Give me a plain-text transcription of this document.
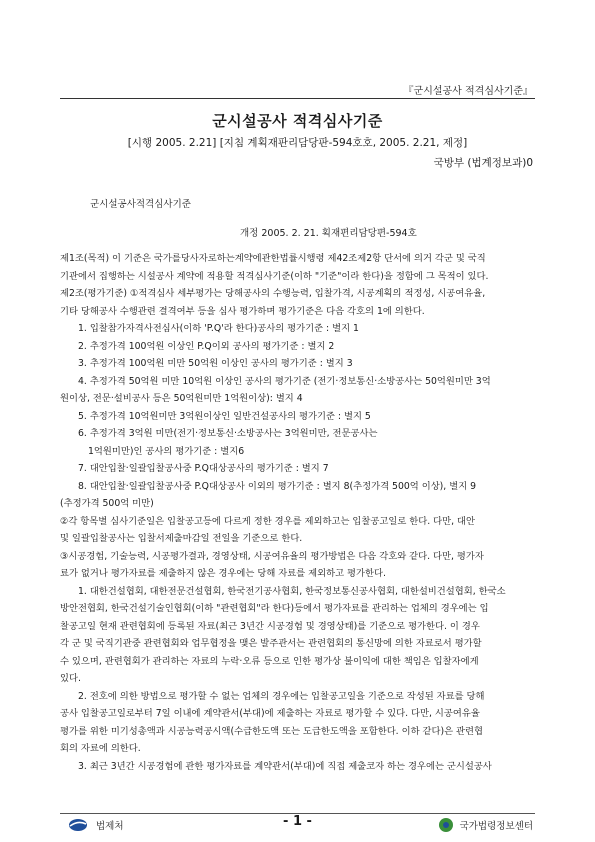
『군시설공사 적격심사기준』
군시설공사 적격심사기준
[시행 2005. 2.21] [지침 계획재판리담당판-594호호, 2005. 2.21, 제정]
국방부 (법계정보과)0
군시설공사적격심사기준
개정 2005. 2. 21. 획재편리담당편-594호

제1조(목적) 이 기준은 국가를당사자로하는계약에관한법률시행령 제42조제2항 단서에 의거 각군 및 국직

기관에서 집행하는 시설공사 계약에 적용할 적격심사기준(이하 "기준"이라 한다)을 정함에 그 목적이 있다.

제2조(평가기준) ①적격심사 세부평가는 당해공사의 수행능력, 입찰가격, 시공계획의 적정성, 시공여유율,

기타 당해공사 수행관련 결격여부 등을 심사 평가하며 평가기준은 다음 각호의 1에 의한다.

1. 입찰참가자격사전심사(이하 'P.Q'라 한다)공사의 평가기준 : 별지 1

2. 추정가격 100억원 이상인 P.Q이외 공사의 평가기준 : 별지 2

3. 추정가격 100억원 미만 50억원 이상인 공사의 평가기준 : 별지 3

4. 추정가격 50억원 미만 10억원 이상인 공사의 평가기준 (전기·정보통신·소방공사는 50억원미만 3억

원이상, 전문·설비공사 등은 50억원미만 1억원이상): 별지 4

5. 추정가격 10억원미만 3억원이상인 일반건설공사의 평가기준 : 별지 5

6. 추정가격 3억원 미만(전기·정보통신·소방공사는 3억원미만, 전문공사는

1억원미만)인 공사의 평가기준 : 별지6

7. 대안입찰·일괄입찰공사중 P.Q대상공사의 평가기준 : 별지 7

8. 대안입찰·일괄입찰공사중 P.Q대상공사 이외의 평가기준 : 별지 8(추정가격 500억 이상), 별지 9

(추정가격 500억 미만)

②각 항목별 심사기준일은 입찰공고등에 다르게 정한 경우를 제외하고는 입찰공고일로 한다. 다만, 대안

및 일괄입찰공사는 입찰서제출마감일 전일을 기준으로 한다.

③시공경험, 기술능력, 시공평가결과, 경영상태, 시공여유율의 평가방법은 다음 각호와 같다. 다만, 평가자

료가 없거나 평가자료를 제출하지 않은 경우에는 당해 자료를 제외하고 평가한다.

1. 대한건설협회, 대한전문건설협회, 한국전기공사협회, 한국정보통신공사협회, 대한설비건설협회, 한국소

방안전협회, 한국건설기술인협회(이하 "관련협회"라 한다)등에서 평가자료를 관리하는 업체의 경우에는 입

찰공고일 현재 관련협회에 등록된 자료(최근 3년간 시공경험 및 경영상태)를 기준으로 평가한다. 이 경우

각 군 및 국직기관중 관련협회와 업무협정을 맺은 발주관서는 관련협회의 통신망에 의한 자료로서 평가할

수 있으며, 관련협회가 관리하는 자료의 누락·오류 등으로 인한 평가상 불이익에 대한 책임은 입찰자에게

있다.

2. 전호에 의한 방법으로 평가할 수 없는 업체의 경우에는 입찰공고일을 기준으로 작성된 자료를 당해

공사 입찰공고일로부터 7일 이내에 계약관서(부대)에 제출하는 자료로 평가할 수 있다. 다만, 시공여유율

평가를 위한 미기성총액과 시공능력공시액(수급한도액 또는 도급한도액을 포함한다. 이하 같다)은 관련협

회의 자료에 의한다.

3. 최근 3년간 시공경험에 관한 평가자료를 계약관서(부대)에 직접 제출코자 하는 경우에는 군시설공사

법제처	- 1 -	국가법령정보센터
